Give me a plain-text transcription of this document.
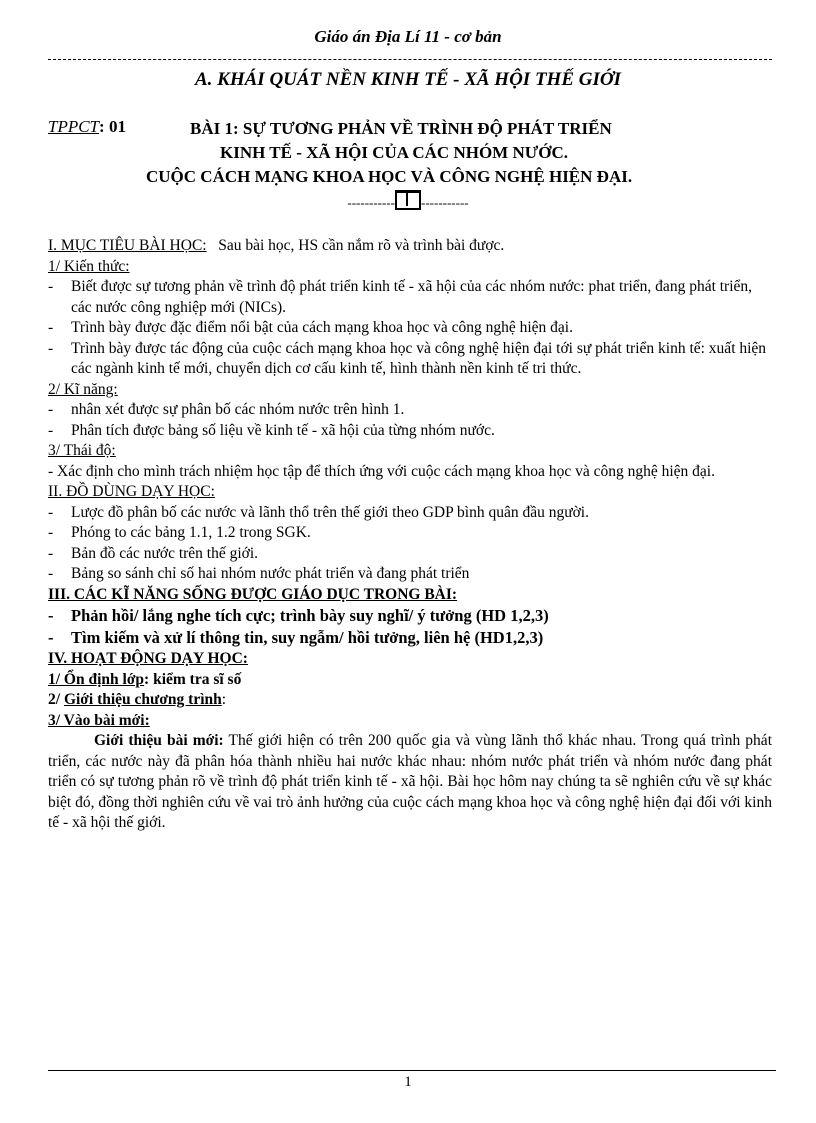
Giáo án Địa Lí 11 - cơ bản
A. KHÁI QUÁT NỀN KINH TẾ - XÃ HỘI THẾ GIỚI
TPPCT: 01	BÀI 1: SỰ TƯƠNG PHẢN VỀ TRÌNH ĐỘ PHÁT TRIỂN
KINH TẾ - XÃ HỘI CỦA CÁC NHÓM NƯỚC.
CUỘC CÁCH MẠNG KHOA HỌC VÀ CÔNG NGHỆ HIỆN ĐẠI.
----------- -----------
I. MỤC TIÊU BÀI HỌC: Sau bài học, HS cần nắm rõ và trình bài được.
1/ Kiến thức:
-	Biết được sự tương phản về trình độ phát triển kinh tế - xã hội của các nhóm nước: phat triển, đang phát triển, các nước công nghiệp mới (NICs).
-	Trình bày được đặc điểm nổi bật của cách mạng khoa học và công nghệ hiện đại.
-	Trình bày được tác động của cuộc cách mạng khoa học và công nghệ hiện đại tới sự phát triển kinh tế: xuất hiện các ngành kinh tế mới, chuyển dịch cơ cấu kinh tế, hình thành nền kinh tế tri thức.
2/ Kĩ năng:
-	nhân xét được sự phân bố các nhóm nước trên hình 1.
-	Phân tích được bảng số liệu về kinh tế - xã hội của từng nhóm nước.
3/ Thái độ:
- Xác định cho mình trách nhiệm học tập để thích ứng với cuộc cách mạng khoa học và công nghệ hiện đại.
II. ĐỒ DÙNG DẠY HỌC:
-	Lược đồ phân bố các nước và lãnh thổ trên thế giới theo GDP bình quân đầu người.
-	Phóng to các bảng 1.1, 1.2 trong SGK.
-	Bản đồ các nước trên thế giới.
-	Bảng so sánh chỉ số hai nhóm nước phát triển và đang phát triển
III. CÁC KĨ NĂNG SỐNG ĐƯỢC GIÁO DỤC TRONG BÀI:
-	Phản hồi/ lắng nghe tích cực; trình bày suy nghĩ/ ý tưởng (HD 1,2,3)
-	Tìm kiếm và xử lí thông tin, suy ngẫm/ hồi tưởng, liên hệ (HD1,2,3)
IV. HOẠT ĐỘNG DẠY HỌC:
1/ Ổn định lớp: kiểm tra sĩ số
2/ Giới thiệu chương trình:
3/ Vào bài mới:
Giới thiệu bài mới: Thế giới hiện có trên 200 quốc gia và vùng lãnh thổ khác nhau. Trong quá trình phát triển, các nước này đã phân hóa thành nhiều hai nước khác nhau: nhóm nước phát triển và nhóm nước đang phát triển có sự tương phản rõ về trình độ phát triển kinh tế - xã hội. Bài học hôm nay chúng ta sẽ nghiên cứu về sự khác biệt đó, đồng thời nghiên cứu về vai trò ảnh hưởng của cuộc cách mạng khoa học và công nghệ hiện đại đối với kinh tế - xã hội thế giới.
1
